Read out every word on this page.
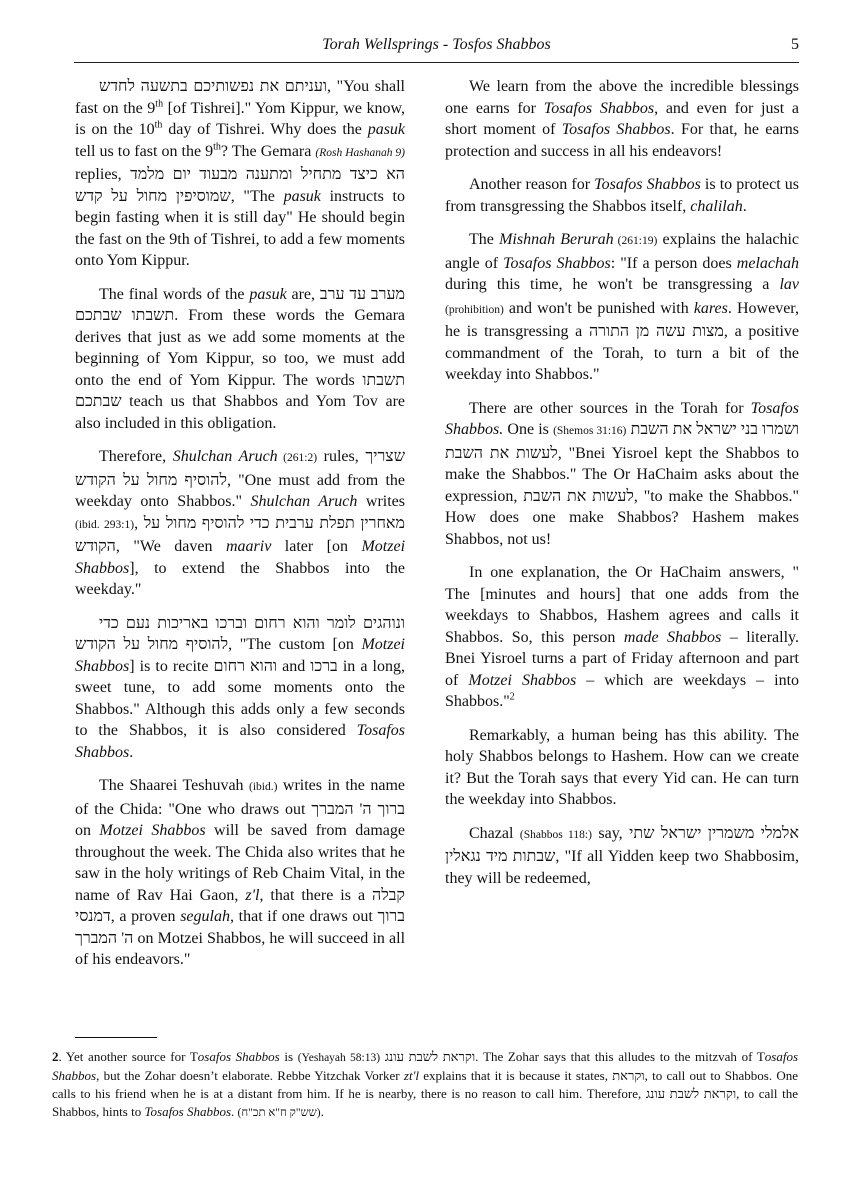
Torah Wellsprings - Tosfos Shabbos	5

ועניתם את נפשותיכם בתשעה לחדש, "You shall fast on the 9th [of Tishrei]." Yom Kippur, we know, is on the 10th day of Tishrei. Why does the pasuk tell us to fast on the 9th? The Gemara (Rosh Hashanah 9) replies, הא כיצד מתחיל ומתענה מבעוד יום מלמד שמוסיפין מחול על קדש, "The pasuk instructs to begin fasting when it is still day" He should begin the fast on the 9th of Tishrei, to add a few moments onto Yom Kippur.

The final words of the pasuk are, מערב עד ערב תשבתו שבתכם. From these words the Gemara derives that just as we add some moments at the beginning of Yom Kippur, so too, we must add onto the end of Yom Kippur. The words תשבתו שבתכם teach us that Shabbos and Yom Tov are also included in this obligation.

Therefore, Shulchan Aruch (261:2) rules, שצריך להוסיף מחול על הקודש, "One must add from the weekday onto Shabbos." Shulchan Aruch writes (ibid. 293:1), מאחרין תפלת ערבית כדי להוסיף מחול על הקודש, "We daven maariv later [on Motzei Shabbos], to extend the Shabbos into the weekday."

ונוהגים לומר והוא רחום וברכו באריכות נעם כדי להוסיף מחול על הקודש, "The custom [on Motzei Shabbos] is to recite והוא רחום and ברכו in a long, sweet tune, to add some moments onto the Shabbos." Although this adds only a few seconds to the Shabbos, it is also considered Tosafos Shabbos.

The Shaarei Teshuvah (ibid.) writes in the name of the Chida: "One who draws out ברוך ה' המברך on Motzei Shabbos will be saved from damage throughout the week. The Chida also writes that he saw in the holy writings of Reb Chaim Vital, in the name of Rav Hai Gaon, z'l, that there is a קבלה דמנסי, a proven segulah, that if one draws out ברוך ה' המברך on Motzei Shabbos, he will succeed in all of his endeavors."

We learn from the above the incredible blessings one earns for Tosafos Shabbos, and even for just a short moment of Tosafos Shabbos. For that, he earns protection and success in all his endeavors!

Another reason for Tosafos Shabbos is to protect us from transgressing the Shabbos itself, chalilah.

The Mishnah Berurah (261:19) explains the halachic angle of Tosafos Shabbos: "If a person does melachah during this time, he won't be transgressing a lav (prohibition) and won't be punished with kares. However, he is transgressing a מצות עשה מן התורה, a positive commandment of the Torah, to turn a bit of the weekday into Shabbos."

There are other sources in the Torah for Tosafos Shabbos. One is (Shemos 31:16) ושמרו בני ישראל את השבת לעשות את השבת, "Bnei Yisroel kept the Shabbos to make the Shabbos." The Or HaChaim asks about the expression, לעשות את השבת, "to make the Shabbos." How does one make Shabbos? Hashem makes Shabbos, not us!

In one explanation, the Or HaChaim answers, " The [minutes and hours] that one adds from the weekdays to Shabbos, Hashem agrees and calls it Shabbos. So, this person made Shabbos – literally. Bnei Yisroel turns a part of Friday afternoon and part of Motzei Shabbos – which are weekdays – into Shabbos."$^2$

Remarkably, a human being has this ability. The holy Shabbos belongs to Hashem. How can we create it? But the Torah says that every Yid can. He can turn the weekday into Shabbos.

Chazal (Shabbos 118:) say, אלמלי משמרין ישראל שתי שבתות מיד נגאלין, "If all Yidden keep two Shabbosim, they will be redeemed,

2. Yet another source for Tosafos Shabbos is (Yeshayah 58:13) וקראת לשבת עונג. The Zohar says that this alludes to the mitzvah of Tosafos Shabbos, but the Zohar doesn’t elaborate. Rebbe Yitzchak Vorker zt'l explains that it is because it states, וקראת, to call out to Shabbos. One calls to his friend when he is at a distant from him. If he is nearby, there is no reason to call him. Therefore, וקראת לשבת עונג, to call the Shabbos, hints to Tosafos Shabbos. (שש"ק ח"א תכ"ח).
